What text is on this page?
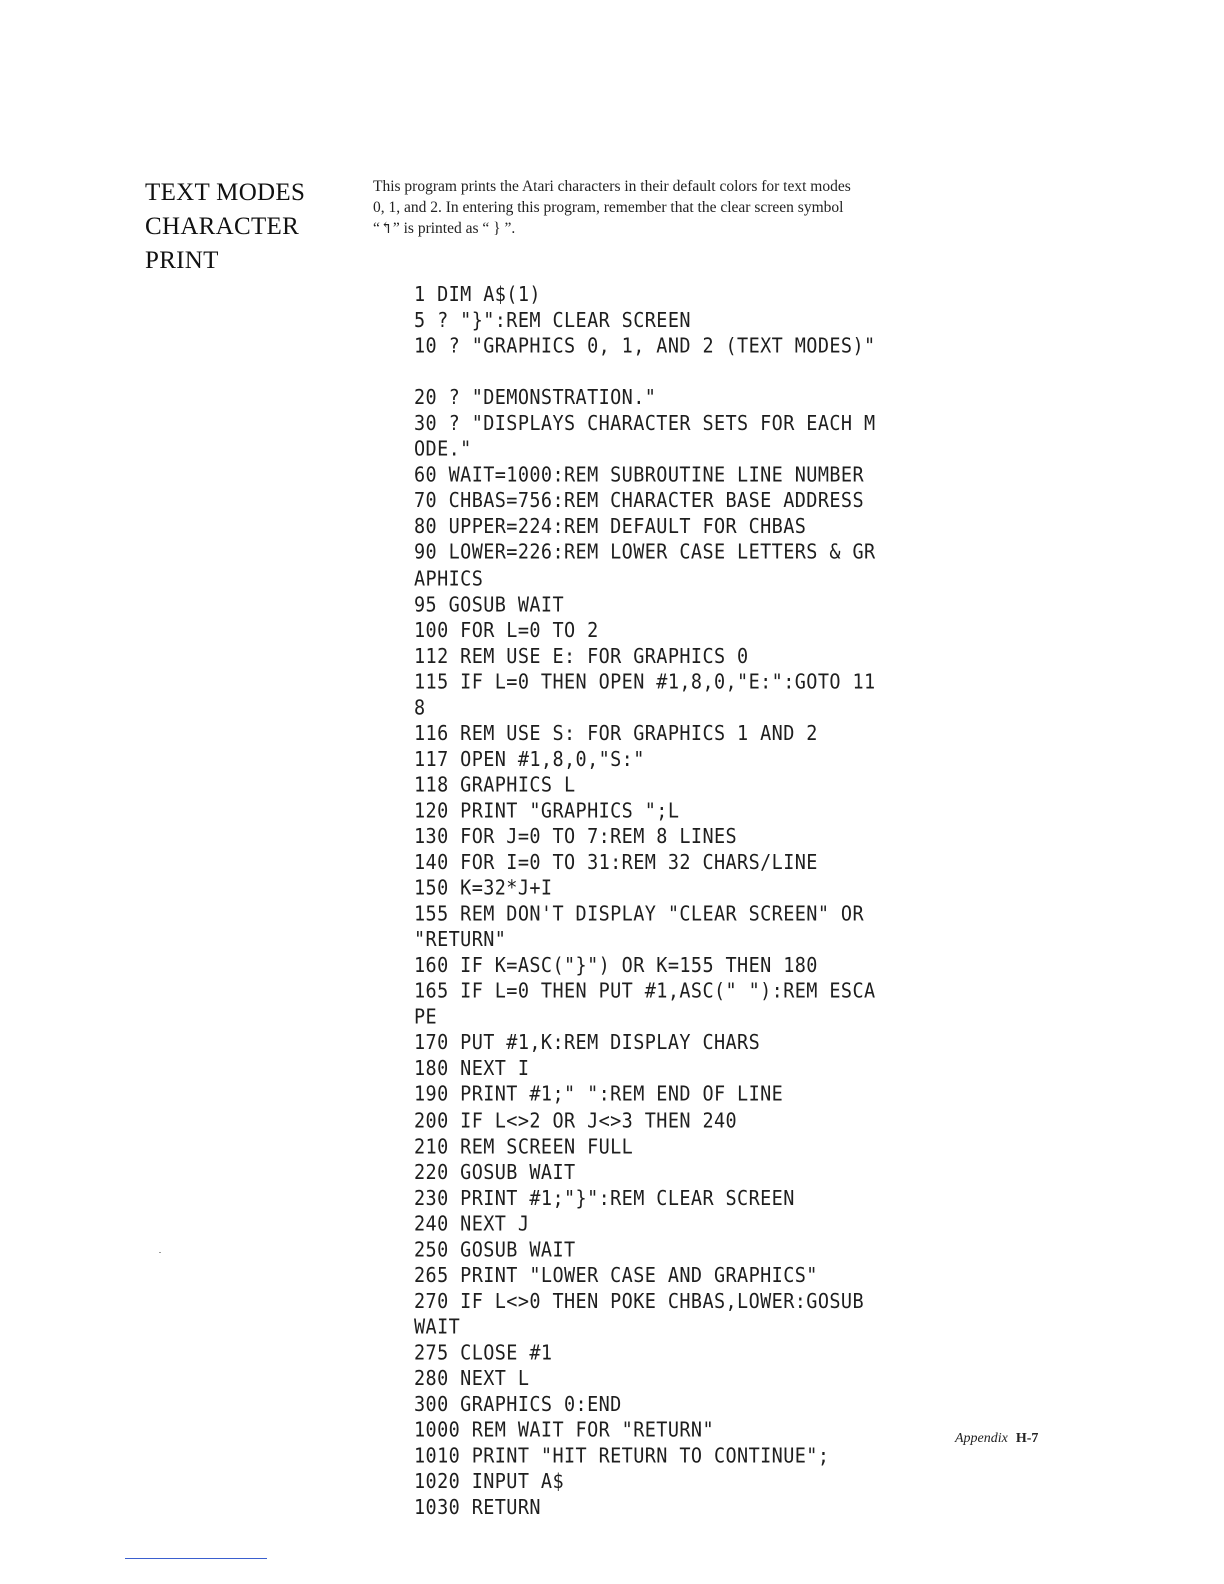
TEXT MODES
CHARACTER
PRINT
This program prints the Atari characters in their default colors for text modes
0, 1, and 2. In entering this program, remember that the clear screen symbol
“↰” is printed as “ } ”.
1 DIM A$(1)
5 ? "}":REM CLEAR SCREEN
10 ? "GRAPHICS 0, 1, AND 2 (TEXT MODES)"
20 ? "DEMONSTRATION."
30 ? "DISPLAYS CHARACTER SETS FOR EACH M
ODE."
60 WAIT=1000:REM SUBROUTINE LINE NUMBER
70 CHBAS=756:REM CHARACTER BASE ADDRESS
80 UPPER=224:REM DEFAULT FOR CHBAS
90 LOWER=226:REM LOWER CASE LETTERS & GR
APHICS
95 GOSUB WAIT
100 FOR L=0 TO 2
112 REM USE E: FOR GRAPHICS 0
115 IF L=0 THEN OPEN #1,8,0,"E:":GOTO 11
8
116 REM USE S: FOR GRAPHICS 1 AND 2
117 OPEN #1,8,0,"S:"
118 GRAPHICS L
120 PRINT "GRAPHICS ";L
130 FOR J=0 TO 7:REM 8 LINES
140 FOR I=0 TO 31:REM 32 CHARS/LINE
150 K=32*J+I
155 REM DON'T DISPLAY "CLEAR SCREEN" OR
"RETURN"
160 IF K=ASC("}") OR K=155 THEN 180
165 IF L=0 THEN PUT #1,ASC(" "):REM ESCA
PE
170 PUT #1,K:REM DISPLAY CHARS
180 NEXT I
190 PRINT #1;" ":REM END OF LINE
200 IF L<>2 OR J<>3 THEN 240
210 REM SCREEN FULL
220 GOSUB WAIT
230 PRINT #1;"}":REM CLEAR SCREEN
240 NEXT J
250 GOSUB WAIT
265 PRINT "LOWER CASE AND GRAPHICS"
270 IF L<>0 THEN POKE CHBAS,LOWER:GOSUB
WAIT
275 CLOSE #1
280 NEXT L
300 GRAPHICS 0:END
1000 REM WAIT FOR "RETURN"
1010 PRINT "HIT RETURN TO CONTINUE";
1020 INPUT A$
1030 RETURN
Appendix H-7
